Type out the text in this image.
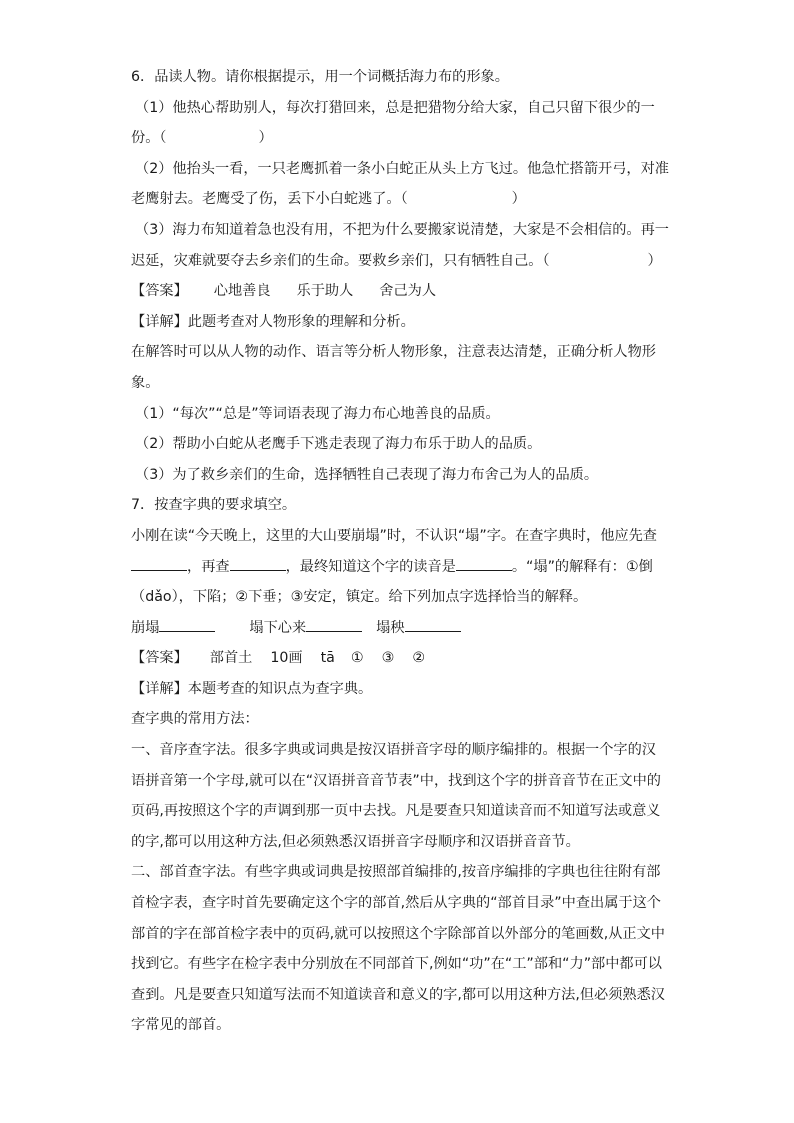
6．品读人物。请你根据提示，用一个词概括海力布的形象。
（1）他热心帮助别人，每次打猎回来，总是把猎物分给大家，自己只留下很少的一
份。（	）
（2）他抬头一看，一只老鹰抓着一条小白蛇正从头上方飞过。他急忙搭箭开弓，对准
老鹰射去。老鹰受了伤，丢下小白蛇逃了。（	）
（3）海力布知道着急也没有用，不把为什么要搬家说清楚，大家是不会相信的。再一
迟延，灾难就要夺去乡亲们的生命。要救乡亲们，只有牺牲自己。（	）
【答案】 心地善良 乐于助人 舍己为人
【详解】此题考查对人物形象的理解和分析。
在解答时可以从人物的动作、语言等分析人物形象，注意表达清楚，正确分析人物形
象。
（1）“每次”“总是”等词语表现了海力布心地善良的品质。
（2）帮助小白蛇从老鹰手下逃走表现了海力布乐于助人的品质。
（3）为了救乡亲们的生命，选择牺牲自己表现了海力布舍己为人的品质。
7．按查字典的要求填空。
小刚在读“今天晚上，这里的大山要崩塌”时，不认识“塌”字。在查字典时，他应先查
，再查	，最终知道这个字的读音是	。“塌”的解释有：①倒
（dǎo），下陷；②下垂；③安定，镇定。给下列加点字选择恰当的解释。
崩塌	塌下心来	塌秧
【答案】 部首土 10画 tā ① ③ ②
【详解】本题考查的知识点为查字典。
查字典的常用方法：
一、音序查字法。很多字典或词典是按汉语拼音字母的顺序编排的。根据一个字的汉
语拼音第一个字母,就可以在“汉语拼音音节表”中，找到这个字的拼音音节在正文中的
页码,再按照这个字的声调到那一页中去找。凡是要查只知道读音而不知道写法或意义
的字,都可以用这种方法,但必须熟悉汉语拼音字母顺序和汉语拼音音节。
二、部首查字法。有些字典或词典是按照部首编排的,按音序编排的字典也往往附有部
首检字表，查字时首先要确定这个字的部首,然后从字典的“部首目录”中查出属于这个
部首的字在部首检字表中的页码,就可以按照这个字除部首以外部分的笔画数,从正文中
找到它。有些字在检字表中分别放在不同部首下,例如“功”在“工”部和“力”部中都可以
查到。凡是要查只知道写法而不知道读音和意义的字,都可以用这种方法,但必须熟悉汉
字常见的部首。
